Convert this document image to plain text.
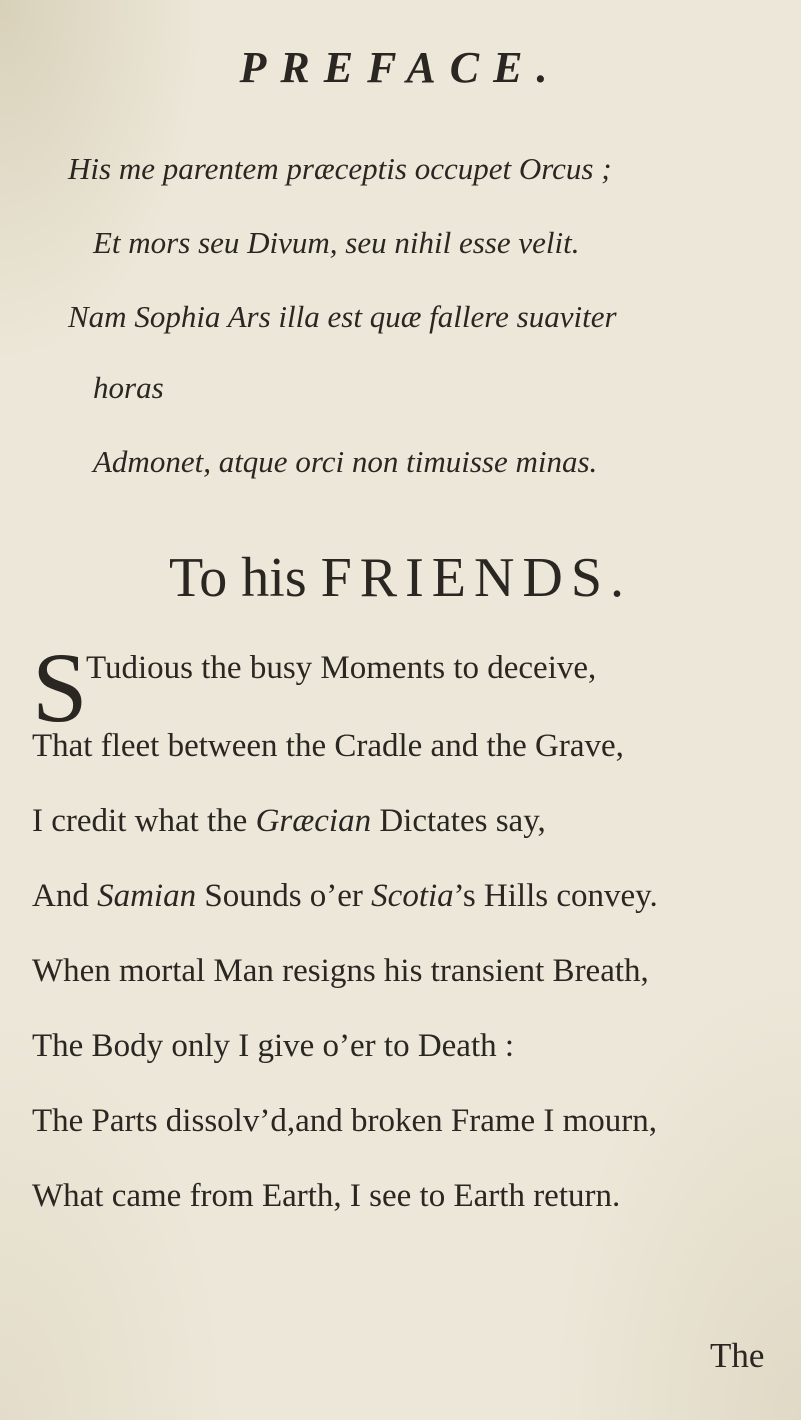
PREFACE.
His me parentem præceptis occupet Orcus ;
Et mors seu Divum, seu nihil esse velit.
Nam Sophia Ars illa est quæ fallere suaviter
horas
Admonet, atque orci non timuisse minas.
To his FRIENDS.
S
Tudious the busy Moments to deceive,
That fleet between the Cradle and the Grave,
I credit what the Græcian Dictates say,
And Samian Sounds o’er Scotia’s Hills convey.
When mortal Man resigns his transient Breath,
The Body only I give o’er to Death :
The Parts dissolv’d,and broken Frame I mourn,
What came from Earth, I see to Earth return.
The
